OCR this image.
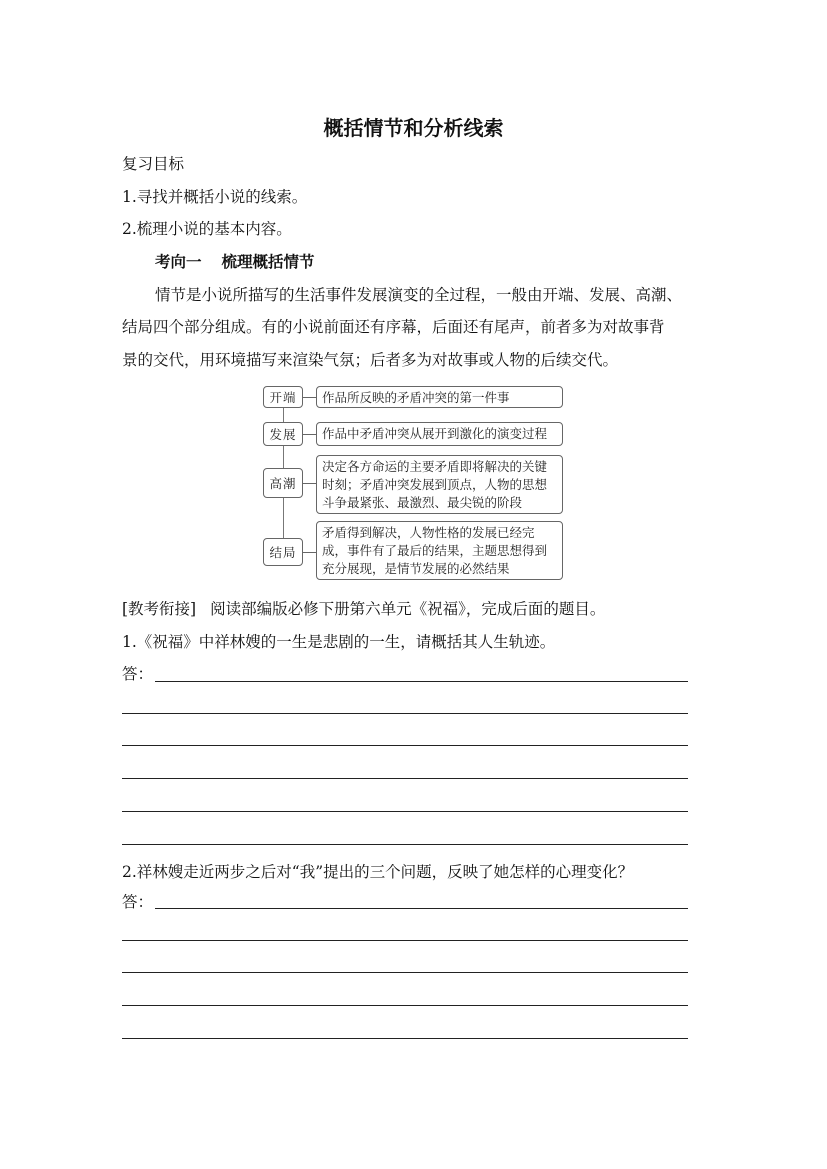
概括情节和分析线索
复习目标
1.寻找并概括小说的线索。
2.梳理小说的基本内容。
考向一 梳理概括情节
情节是小说所描写的生活事件发展演变的全过程，一般由开端、发展、高潮、
结局四个部分组成。有的小说前面还有序幕，后面还有尾声，前者多为对故事背
景的交代，用环境描写来渲染气氛；后者多为对故事或人物的后续交代。
开端	作品所反映的矛盾冲突的第一件事
发展	作品中矛盾冲突从展开到激化的演变过程
高潮
决定各方命运的主要矛盾即将解决的关键时刻；矛盾冲突发展到顶点，人物的思想斗争最紧张、最激烈、最尖锐的阶段
结局
矛盾得到解决，人物性格的发展已经完成，事件有了最后的结果，主题思想得到充分展现，是情节发展的必然结果
[教考衔接] 阅读部编版必修下册第六单元《祝福》，完成后面的题目。
1.《祝福》中祥林嫂的一生是悲剧的一生，请概括其人生轨迹。
答：
2.祥林嫂走近两步之后对“我”提出的三个问题，反映了她怎样的心理变化？
答：
